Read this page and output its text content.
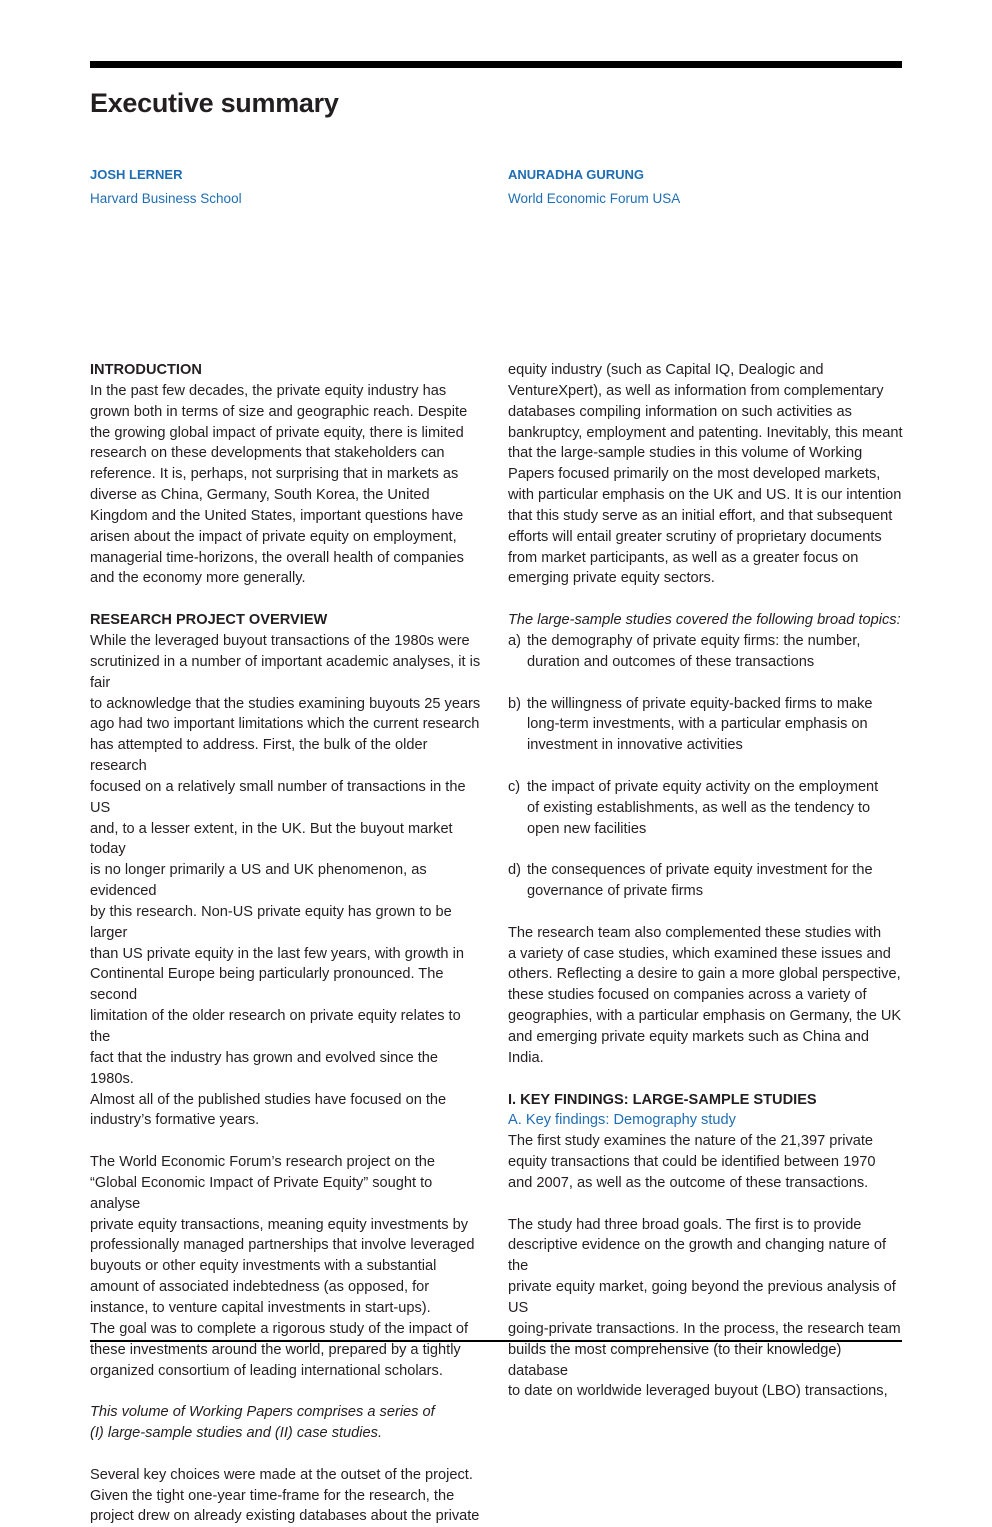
Executive summary
JOSH LERNER
Harvard Business School
ANURADHA GURUNG
World Economic Forum USA

INTRODUCTION

In the past few decades, the private equity industry has

grown both in terms of size and geographic reach. Despite

the growing global impact of private equity, there is limited

research on these developments that stakeholders can

reference. It is, perhaps, not surprising that in markets as

diverse as China, Germany, South Korea, the United

Kingdom and the United States, important questions have

arisen about the impact of private equity on employment,

managerial time-horizons, the overall health of companies

and the economy more generally.

RESEARCH PROJECT OVERVIEW

While the leveraged buyout transactions of the 1980s were

scrutinized in a number of important academic analyses, it is fair

to acknowledge that the studies examining buyouts 25 years

ago had two important limitations which the current research

has attempted to address. First, the bulk of the older research

focused on a relatively small number of transactions in the US

and, to a lesser extent, in the UK. But the buyout market today

is no longer primarily a US and UK phenomenon, as evidenced

by this research. Non-US private equity has grown to be larger

than US private equity in the last few years, with growth in

Continental Europe being particularly pronounced. The second

limitation of the older research on private equity relates to the

fact that the industry has grown and evolved since the 1980s.

Almost all of the published studies have focused on the

industry’s formative years.

The World Economic Forum’s research project on the

“Global Economic Impact of Private Equity” sought to analyse

private equity transactions, meaning equity investments by

professionally managed partnerships that involve leveraged

buyouts or other equity investments with a substantial

amount of associated indebtedness (as opposed, for

instance, to venture capital investments in start-ups).

The goal was to complete a rigorous study of the impact of

these investments around the world, prepared by a tightly

organized consortium of leading international scholars.

This volume of Working Papers comprises a series of

(I) large-sample studies and (II) case studies.

Several key choices were made at the outset of the project.

Given the tight one-year time-frame for the research, the

project drew on already existing databases about the private

equity industry (such as Capital IQ, Dealogic and

VentureXpert), as well as information from complementary

databases compiling information on such activities as

bankruptcy, employment and patenting. Inevitably, this meant

that the large-sample studies in this volume of Working

Papers focused primarily on the most developed markets,

with particular emphasis on the UK and US. It is our intention

that this study serve as an initial effort, and that subsequent

efforts will entail greater scrutiny of proprietary documents

from market participants, as well as a greater focus on

emerging private equity sectors.

The large-sample studies covered the following broad topics:

a) the demography of private equity firms: the number,

duration and outcomes of these transactions

b) the willingness of private equity-backed firms to make

long-term investments, with a particular emphasis on

investment in innovative activities

c) the impact of private equity activity on the employment

of existing establishments, as well as the tendency to

open new facilities

d) the consequences of private equity investment for the

governance of private firms

The research team also complemented these studies with

a variety of case studies, which examined these issues and

others. Reflecting a desire to gain a more global perspective,

these studies focused on companies across a variety of

geographies, with a particular emphasis on Germany, the UK

and emerging private equity markets such as China and India.

I. KEY FINDINGS: LARGE-SAMPLE STUDIES

A. Key findings: Demography study

The first study examines the nature of the 21,397 private

equity transactions that could be identified between 1970

and 2007, as well as the outcome of these transactions.

The study had three broad goals. The first is to provide

descriptive evidence on the growth and changing nature of the

private equity market, going beyond the previous analysis of US

going-private transactions. In the process, the research team

builds the most comprehensive (to their knowledge) database

to date on worldwide leveraged buyout (LBO) transactions,
